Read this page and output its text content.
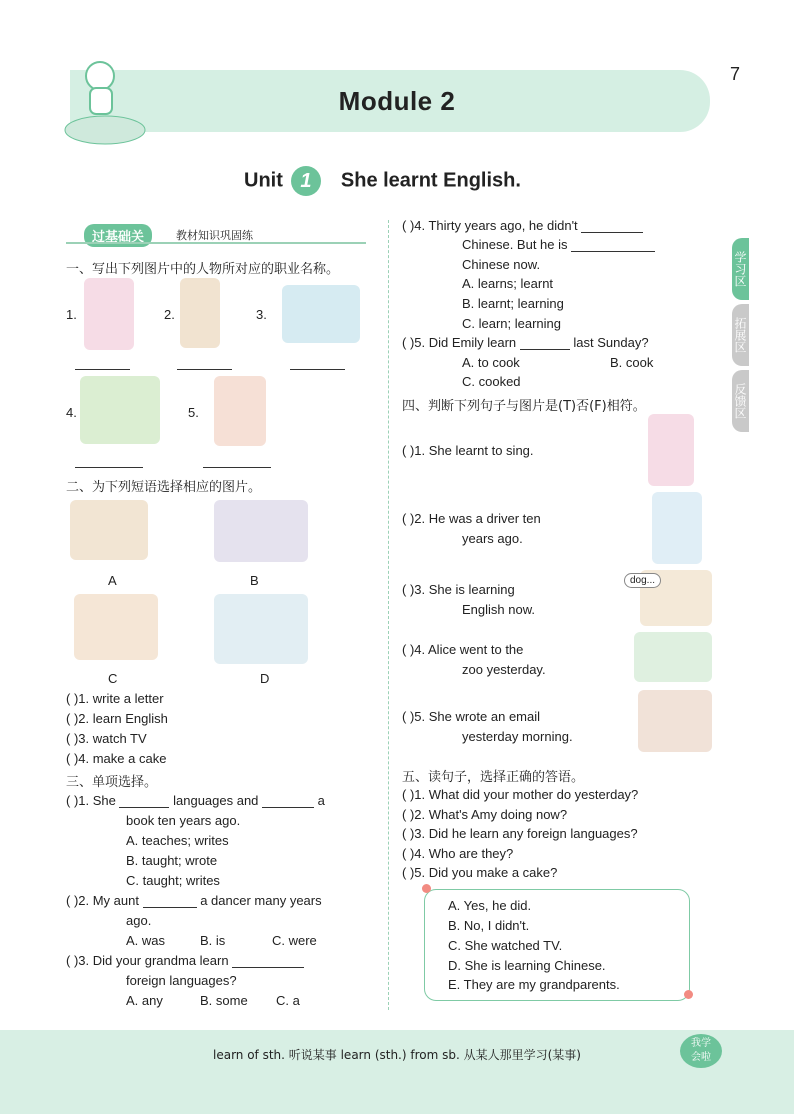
7
Module 2
Unit 1 She learnt English.
学习区
拓展区
反馈区
过基础关	教材知识巩固练
一、写出下列图片中的人物所对应的职业名称。
1.	2.	3.
4.	5.
二、为下列短语选择相应的图片。
A	B
C	D
( )1. write a letter
( )2. learn English
( )3. watch TV
( )4. make a cake
三、单项选择。
( )1. She	languages and	a
book ten years ago.
A. teaches; writes
B. taught; wrote
C. taught; writes
( )2. My aunt	a dancer many years
ago.
A. was	B. is	C. were
( )3. Did your grandma learn
foreign languages?
A. any	B. some C. a
( )4. Thirty years ago, he didn't
Chinese. But he is
Chinese now.
A. learns; learnt
B. learnt; learning
C. learn; learning
( )5. Did Emily learn	last Sunday?
A. to cook	B. cook
C. cooked
四、判断下列句子与图片是(T)否(F)相符。
( )1. She learnt to sing.
( )2. He was a driver ten
years ago.
( )3. She is learning
English now.
dog...
( )4. Alice went to the
zoo yesterday.
( )5. She wrote an email
yesterday morning.
五、读句子，选择正确的答语。
( )1. What did your mother do yesterday?
( )2. What's Amy doing now?
( )3. Did he learn any foreign languages?
( )4. Who are they?
( )5. Did you make a cake?
A. Yes, he did.
B. No, I didn't.
C. She watched TV.
D. She is learning Chinese.
E. They are my grandparents.
learn of sth. 听说某事 learn (sth.) from sb. 从某人那里学习(某事)
我学
会啦
